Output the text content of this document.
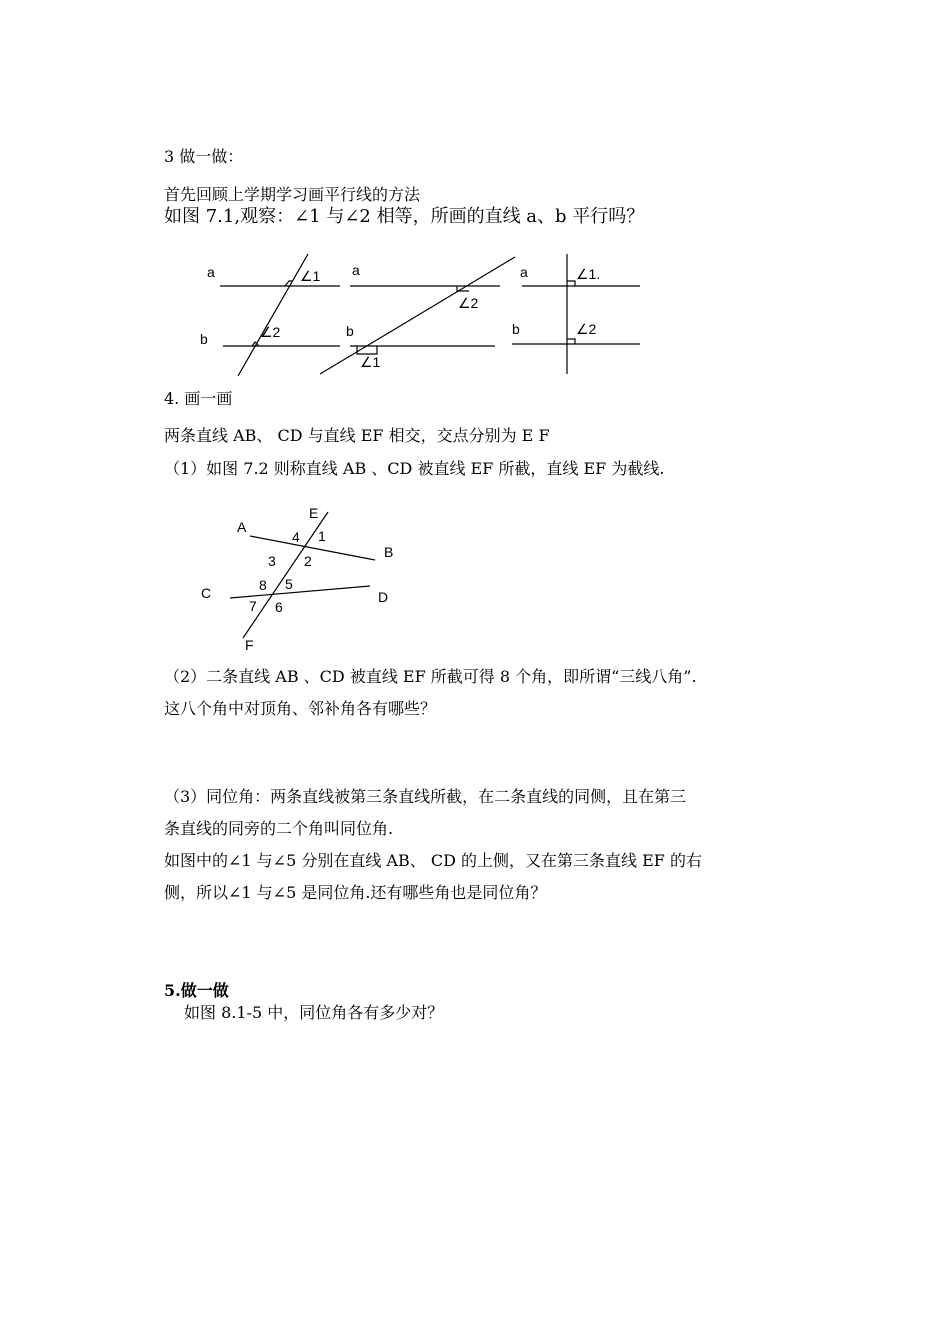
3 做一做：
首先回顾上学期学习画平行线的方法
如图 7.1,观察：∠1 与∠2 相等，所画的直线 a、b 平行吗？
a
b
∠1
∠2
a
b
∠2
∠1
a
b
∠1.
∠2
4. 画一画
两条直线 AB、 CD 与直线 EF 相交，交点分别为 E F
（1）如图 7.2 则称直线 AB 、CD 被直线 EF 所截，直线 EF 为截线.
A
E
B
C	D
F
4 1
3 2
8 5
7 6
（2）二条直线 AB 、CD 被直线 EF 所截可得 8 个角，即所谓“三线八角”.
这八个角中对顶角、邻补角各有哪些？
（3）同位角：两条直线被第三条直线所截，在二条直线的同侧，且在第三
条直线的同旁的二个角叫同位角.
如图中的∠1 与∠5 分别在直线 AB、 CD 的上侧，又在第三条直线 EF 的右
侧，所以∠1 与∠5 是同位角.还有哪些角也是同位角？
5.做一做
如图 8.1-5 中，同位角各有多少对？
